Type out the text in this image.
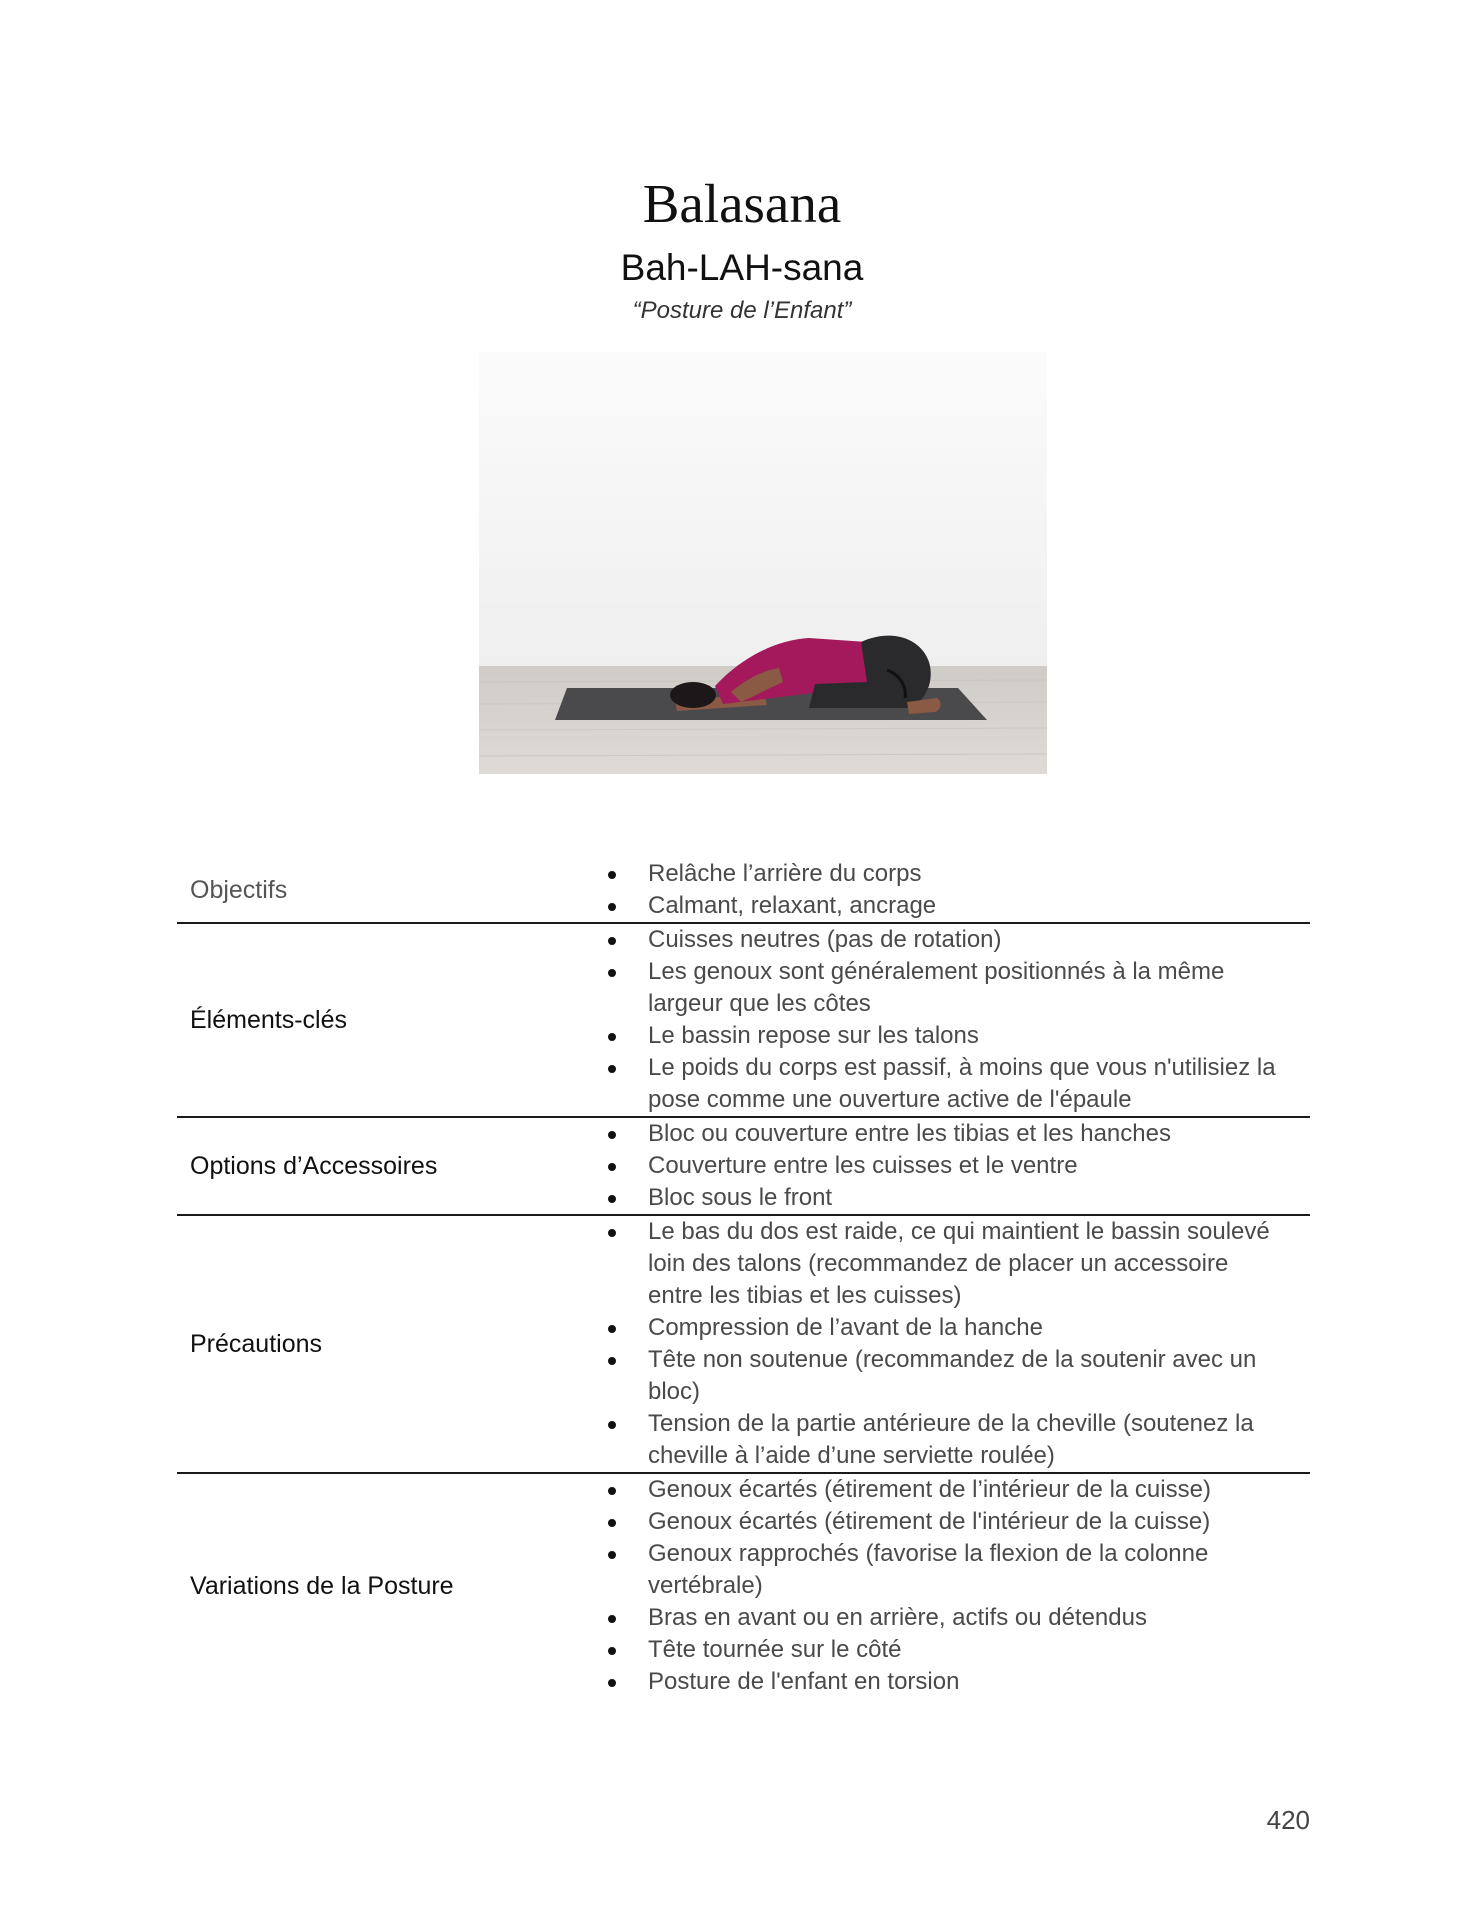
Balasana
Bah-LAH-sana
“Posture de l’Enfant”
Objectifs
Relâche l’arrière du corps
Calmant, relaxant, ancrage
Éléments-clés
Cuisses neutres (pas de rotation)
Les genoux sont généralement positionnés à la même largeur que les côtes
Le bassin repose sur les talons
Le poids du corps est passif, à moins que vous n'utilisiez la pose comme une ouverture active de l'épaule
Options d’Accessoires
Bloc ou couverture entre les tibias et les hanches
Couverture entre les cuisses et le ventre
Bloc sous le front
Précautions
Le bas du dos est raide, ce qui maintient le bassin soulevé loin des talons (recommandez de placer un accessoire entre les tibias et les cuisses)
Compression de l’avant de la hanche
Tête non soutenue (recommandez de la soutenir avec un bloc)
Tension de la partie antérieure de la cheville (soutenez la cheville à l’aide d’une serviette roulée)
Variations de la Posture
Genoux écartés (étirement de l’intérieur de la cuisse)
Genoux écartés (étirement de l'intérieur de la cuisse)
Genoux rapprochés (favorise la flexion de la colonne vertébrale)
Bras en avant ou en arrière, actifs ou détendus
Tête tournée sur le côté
Posture de l'enfant en torsion
420
